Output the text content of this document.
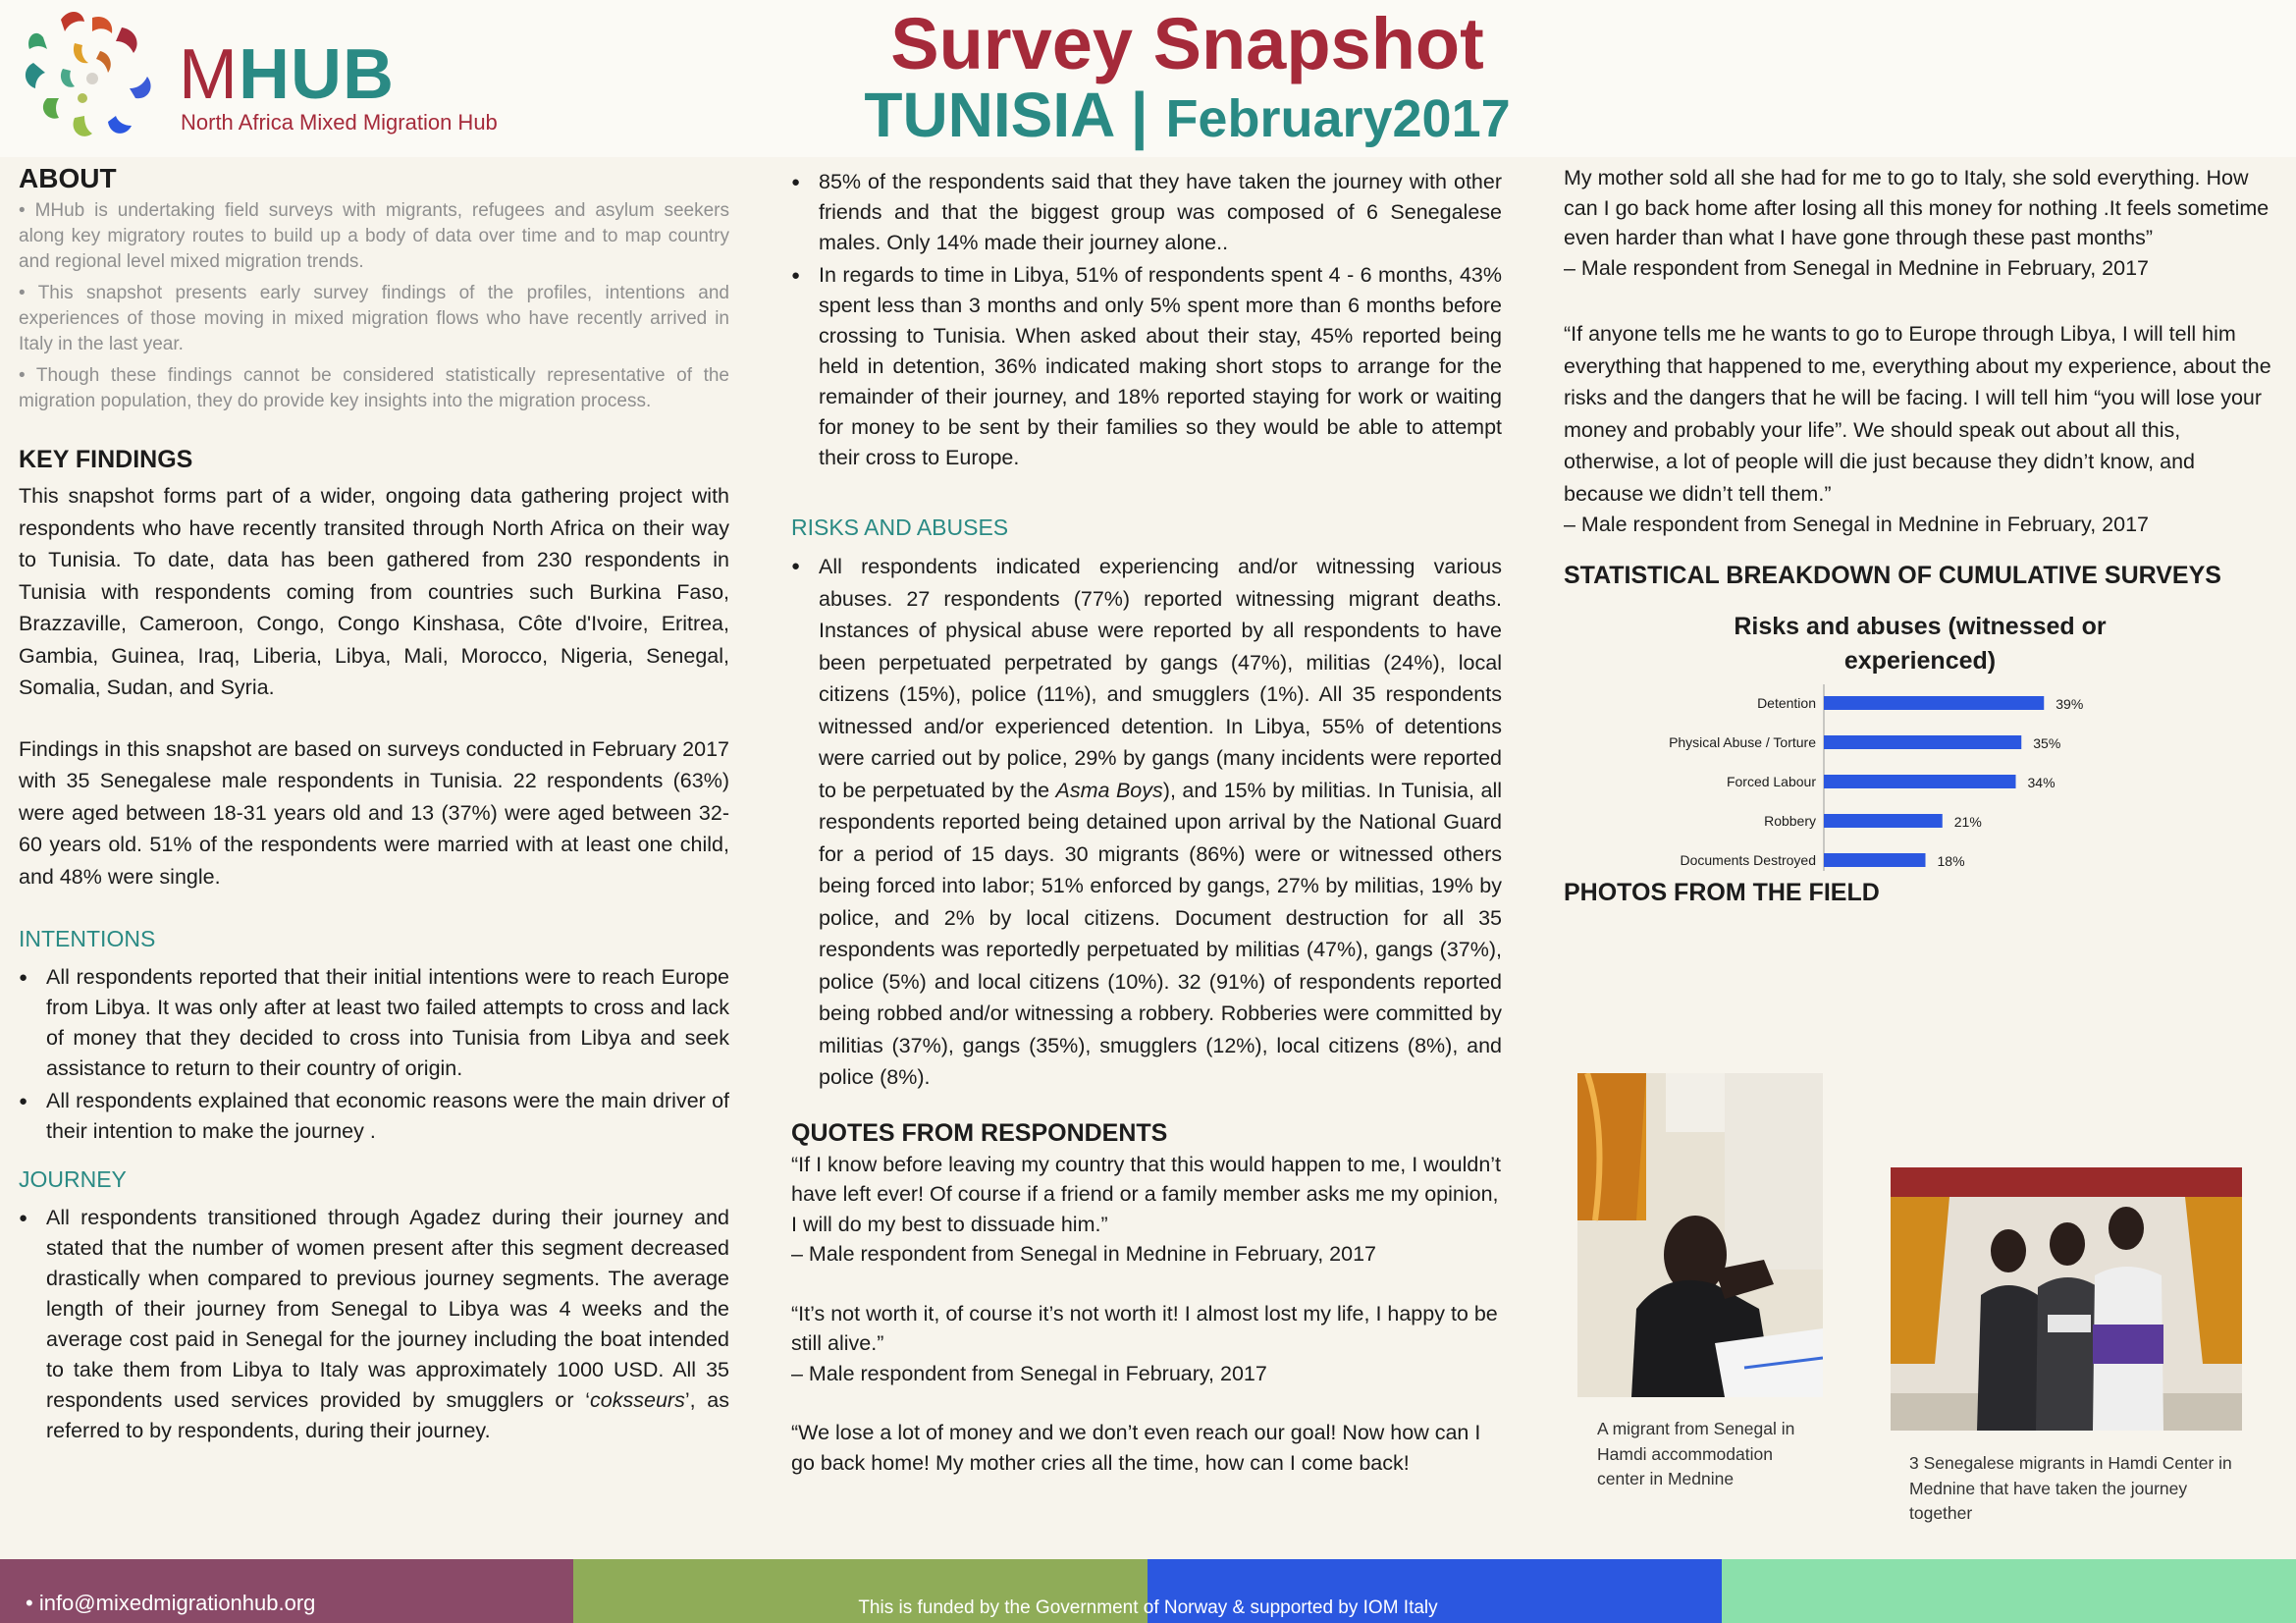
MHUB
North Africa Mixed Migration Hub
Survey Snapshot
TUNISIA | February2017
ABOUT

• MHub is undertaking field surveys with migrants, refugees and asylum seekers along key migratory routes to build up a body of data over time and to map country and regional level mixed migration trends.

• This snapshot presents early survey findings of the profiles, intentions and experiences of those moving in mixed migration flows who have recently arrived in Italy in the last year.

• Though these findings cannot be considered statistically representative of the migration population, they do provide key insights into the migration process.

KEY FINDINGS

This snapshot forms part of a wider, ongoing data gathering project with respondents who have recently transited through North Africa on their way to Tunisia. To date, data has been gathered from 230 respondents in Tunisia with respondents coming from countries such Burkina Faso, Brazzaville, Cameroon, Congo, Congo Kinshasa, Côte d'Ivoire, Eritrea, Gambia, Guinea, Iraq, Liberia, Libya, Mali, Morocco, Nigeria, Senegal, Somalia, Sudan, and Syria.

Findings in this snapshot are based on surveys conducted in February 2017 with 35 Senegalese male respondents in Tunisia. 22 respondents (63%) were aged between 18-31 years old and 13 (37%) were aged between 32-60 years old. 51% of the respondents were married with at least one child, and 48% were single.

INTENTIONS
● All respondents reported that their initial intentions were to reach Europe from Libya. It was only after at least two failed attempts to cross and lack of money that they decided to cross into Tunisia from Libya and seek assistance to return to their country of origin.
● All respondents explained that economic reasons were the main driver of their intention to make the journey .
JOURNEY
● All respondents transitioned through Agadez during their journey and stated that the number of women present after this segment decreased drastically when compared to previous journey segments. The average length of their journey from Senegal to Libya was 4 weeks and the average cost paid in Senegal for the journey including the boat intended to take them from Libya to Italy was approximately 1000 USD. All 35 respondents used services provided by smugglers or ‘coksseurs’, as referred to by respondents, during their journey.
● 85% of the respondents said that they have taken the journey with other friends and that the biggest group was composed of 6 Senegalese males. Only 14% made their journey alone..
● In regards to time in Libya, 51% of respondents spent 4 - 6 months, 43% spent less than 3 months and only 5% spent more than 6 months before crossing to Tunisia. When asked about their stay, 45% reported being held in detention, 36% indicated making short stops to arrange for the remainder of their journey, and 18% reported staying for work or waiting for money to be sent by their families so they would be able to attempt their cross to Europe.
RISKS AND ABUSES
● All respondents indicated experiencing and/or witnessing various abuses. 27 respondents (77%) reported witnessing migrant deaths. Instances of physical abuse were reported by all respondents to have been perpetuated perpetrated by gangs (47%), militias (24%), local citizens (15%), police (11%), and smugglers (1%). All 35 respondents witnessed and/or experienced detention. In Libya, 55% of detentions were carried out by police, 29% by gangs (many incidents were reported to be perpetuated by the Asma Boys), and 15% by militias. In Tunisia, all respondents reported being detained upon arrival by the National Guard for a period of 15 days. 30 migrants (86%) were or witnessed others being forced into labor; 51% enforced by gangs, 27% by militias, 19% by police, and 2% by local citizens. Document destruction for all 35 respondents was reportedly perpetuated by militias (47%), gangs (37%), police (5%) and local citizens (10%). 32 (91%) of respondents reported being robbed and/or witnessing a robbery. Robberies were committed by militias (37%), gangs (35%), smugglers (12%), local citizens (8%), and police (8%).
QUOTES FROM RESPONDENTS

“If I know before leaving my country that this would happen to me, I wouldn’t have left ever! Of course if a friend or a family member asks me my opinion, I will do my best to dissuade him.”

– Male respondent from Senegal in Mednine in February, 2017

“It’s not worth it, of course it’s not worth it! I almost lost my life, I happy to be still alive.”

– Male respondent from Senegal in February, 2017

“We lose a lot of money and we don’t even reach our goal! Now how can I go back home! My mother cries all the time, how can I come back!

My mother sold all she had for me to go to Italy, she sold everything. How can I go back home after losing all this money for nothing .It feels sometime even harder than what I have gone through these past months”

– Male respondent from Senegal in Mednine in February, 2017

“If anyone tells me he wants to go to Europe through Libya, I will tell him everything that happened to me, everything about my experience, about the risks and the dangers that he will be facing. I will tell him “you will lose your money and probably your life”. We should speak out about all this, otherwise, a lot of people will die just because they didn’t know, and because we didn’t tell them.”

– Male respondent from Senegal in Mednine in February, 2017

STATISTICAL BREAKDOWN OF CUMULATIVE SURVEYS

Risks and abuses (witnessed or experienced)

Detention	39%
Physical Abuse / Torture	35%
Forced Labour	34%
Robbery	21%
Documents Destroyed	18%
PHOTOS FROM THE FIELD
A migrant from Senegal in Hamdi accommodation center in Mednine
3 Senegalese migrants in Hamdi Center in Mednine that have taken the journey together
• info@mixedmigrationhub.org	This is funded by the Government of Norway & supported by IOM Italy
